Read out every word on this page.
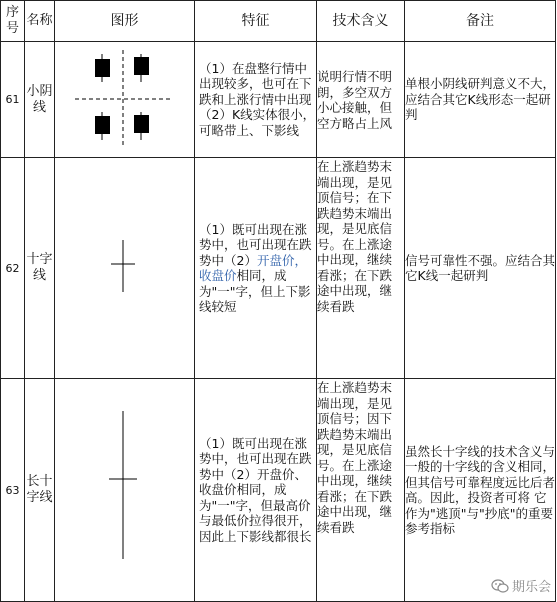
序号	名称	图形	特征	技术含义	备注
61	小阴线		（1）在盘整行情中出现较多，也可在下跌和上涨行情中出现（2）K线实体很小，可略带上、下影线	说明行情不明朗，多空双方小心接触，但空方略占上风	单根小阴线研判意义不大，应结合其它K线形态一起研判
62	十字线		（1）既可出现在涨势中，也可出现在跌势中（2）开盘价，收盘价相同，成为"一"字，但上下影线较短	在上涨趋势末端出现，是见顶信号；在下跌趋势末端出现，是见底信号。在上涨途中出现，继续看涨；在下跌途中出现，继续看跌	信号可靠性不强。应结合其它K线一起研判
63	长十字线		（1）既可出现在涨势中，也可出现在跌势中（2）开盘价、收盘价相同，成为"一"字，但最高价与最低价拉得很开，因此上下影线都很长	在上涨趋势末端出现，是见顶信号；因下跌趋势末端出现，是见底信号。在上涨途中出现，继续看涨；在下跌途中出现，继续看跌	虽然长十字线的技术含义与一般的十字线的含义相同，但其信号可靠程度远比后者高。因此，投资者可将 它作为"逃顶"与"抄底"的重要参考指标
期乐会
